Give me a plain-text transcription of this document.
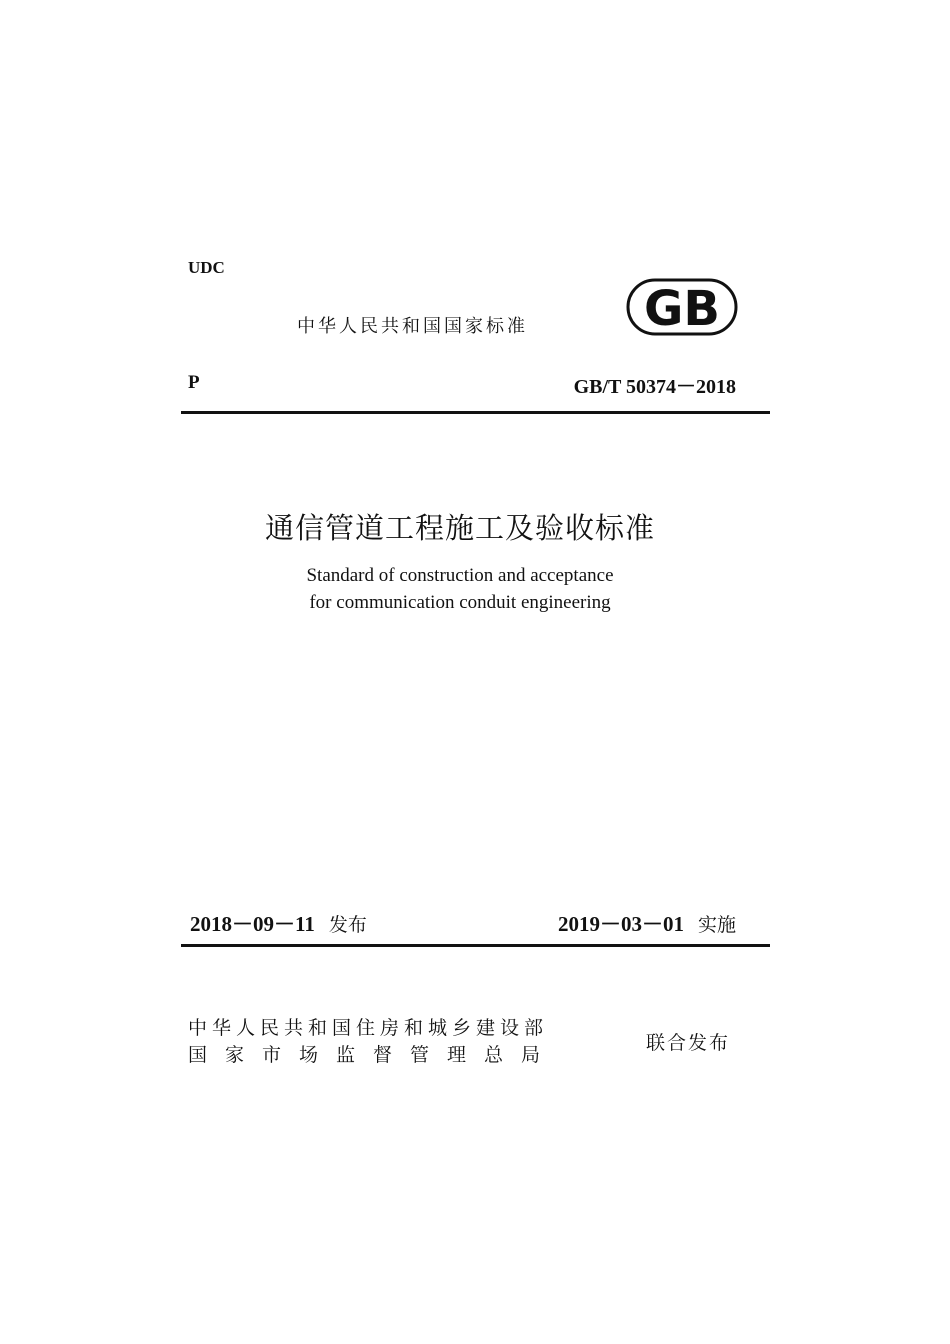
UDC
中华人民共和国国家标准 GB
P	GB/T 50374－2018
通信管道工程施工及验收标准
Standard of construction and acceptance
for communication conduit engineering
2018－09－11 发布	2019－03－01 实施
中华人民共和国住房和城乡建设部
国家市场监督管理总局
联合发布
